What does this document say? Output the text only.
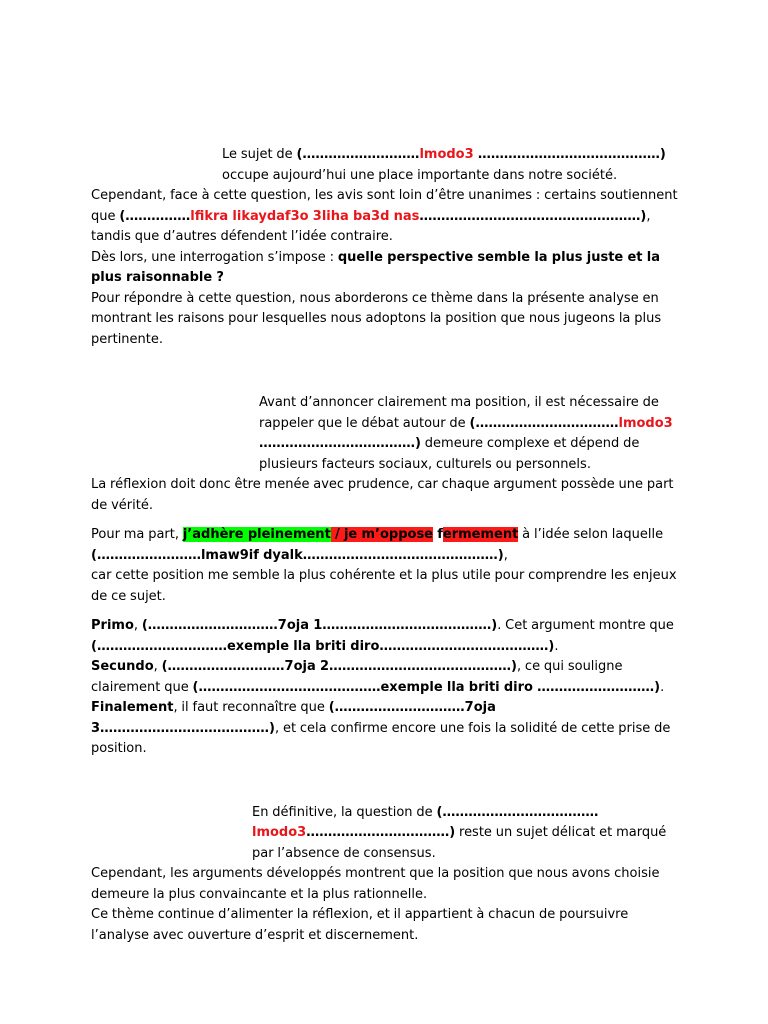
Le sujet de (………………………lmodo3 ……………………………………) occupe aujourd’hui une place importante dans notre société.

Cependant, face à cette question, les avis sont loin d’être unanimes : certains soutiennent que (……………lfikra likaydaf3o 3liha ba3d nas……………………………………………), tandis que d’autres défendent l’idée contraire.

Dès lors, une interrogation s’impose : quelle perspective semble la plus juste et la plus raisonnable ?

Pour répondre à cette question, nous aborderons ce thème dans la présente analyse en montrant les raisons pour lesquelles nous adoptons la position que nous jugeons la plus pertinente.

Avant d’annoncer clairement ma position, il est nécessaire de rappeler que le débat autour de (……………………………lmodo3 ………………………………) demeure complexe et dépend de plusieurs facteurs sociaux, culturels ou personnels.

La réflexion doit donc être menée avec prudence, car chaque argument possède une part de vérité.

Pour ma part, j’adhère pleinement / je m’oppose fermement à l’idée selon laquelle (……………………lmaw9if dyalk………………………………………),

car cette position me semble la plus cohérente et la plus utile pour comprendre les enjeux de ce sujet.

Primo, (…………………………7oja 1…………………………………). Cet argument montre que (…………………………exemple lla briti diro…………………………………).

Secundo, (………………………7oja 2……………………………………), ce qui souligne clairement que (……………………………………exemple lla briti diro ………………………).

Finalement, il faut reconnaître que (…………………………7oja 3…………………………………), et cela confirme encore une fois la solidité de cette prise de position.

En définitive, la question de (……………………………… lmodo3……………………………) reste un sujet délicat et marqué par l’absence de consensus.

Cependant, les arguments développés montrent que la position que nous avons choisie demeure la plus convaincante et la plus rationnelle.

Ce thème continue d’alimenter la réflexion, et il appartient à chacun de poursuivre l’analyse avec ouverture d’esprit et discernement.
